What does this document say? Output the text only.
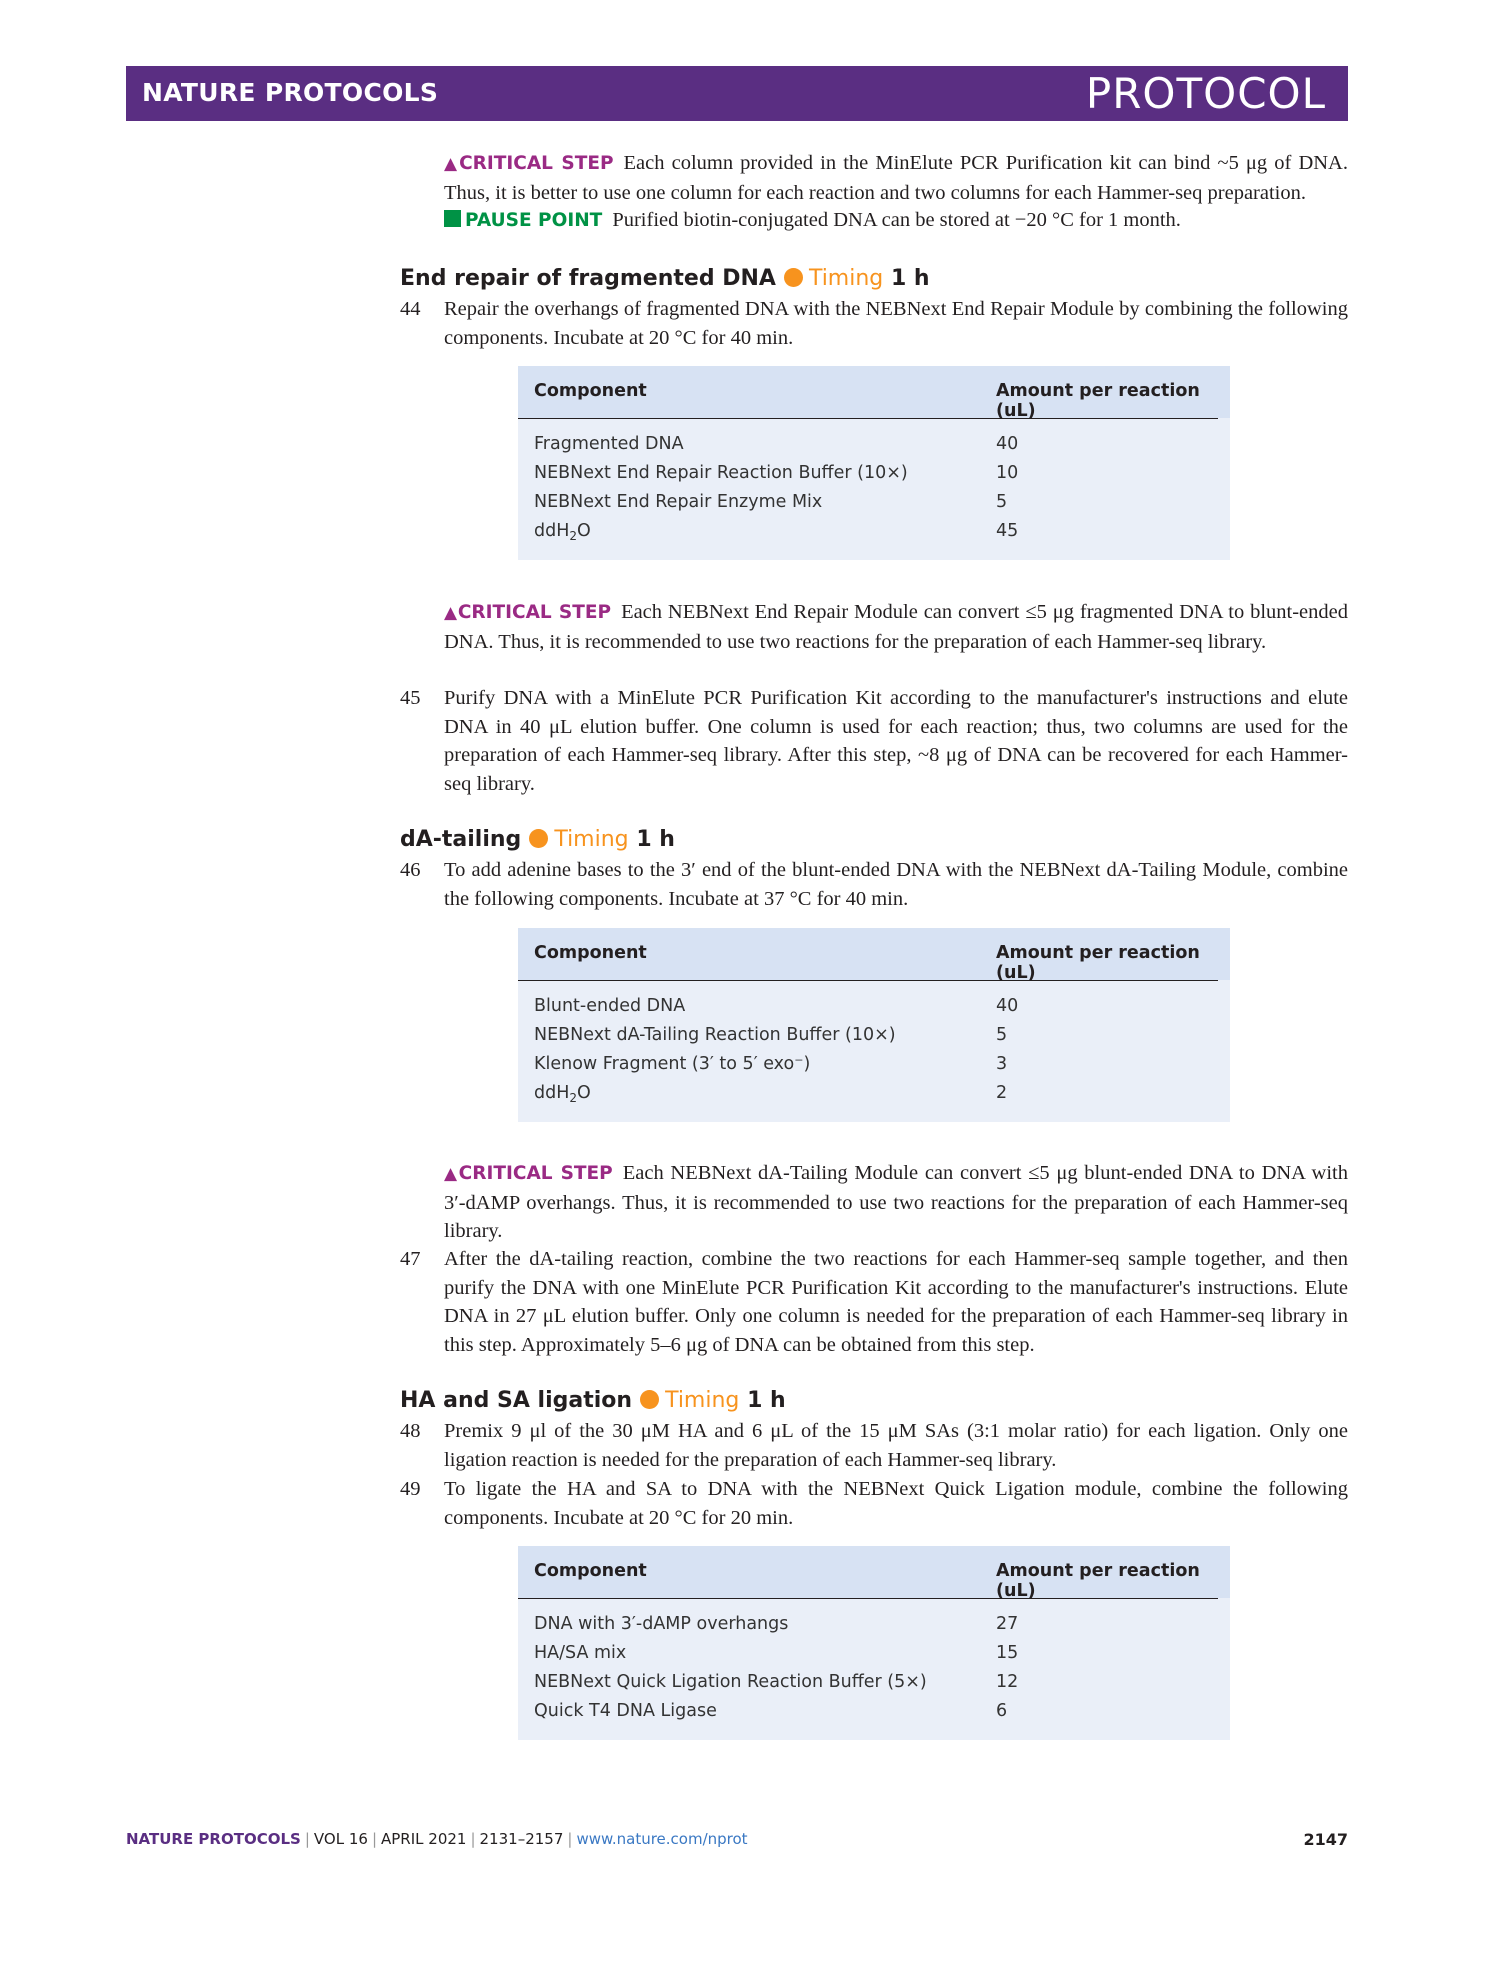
NATURE PROTOCOLS	PROTOCOL
▲CRITICAL STEP Each column provided in the MinElute PCR Purification kit can bind ~5 μg of DNA. Thus, it is better to use one column for each reaction and two columns for each Hammer-seq preparation.
PAUSE POINT Purified biotin-conjugated DNA can be stored at −20 °C for 1 month.
End repair of fragmented DNA Timing 1 h
44 Repair the overhangs of fragmented DNA with the NEBNext End Repair Module by combining the following components. Incubate at 20 °C for 40 min.
Component	Amount per reaction (uL)
Fragmented DNA	40
NEBNext End Repair Reaction Buffer (10×)	10
NEBNext End Repair Enzyme Mix	5
ddH$_2$O	45
▲CRITICAL STEP Each NEBNext End Repair Module can convert ≤5 μg fragmented DNA to blunt-ended DNA. Thus, it is recommended to use two reactions for the preparation of each Hammer-seq library.
45 Purify DNA with a MinElute PCR Purification Kit according to the manufacturer's instructions and elute DNA in 40 μL elution buffer. One column is used for each reaction; thus, two columns are used for the preparation of each Hammer-seq library. After this step, ~8 μg of DNA can be recovered for each Hammer-seq library.
dA-tailing Timing 1 h
46 To add adenine bases to the 3′ end of the blunt-ended DNA with the NEBNext dA-Tailing Module, combine the following components. Incubate at 37 °C for 40 min.
Component	Amount per reaction (uL)
Blunt-ended DNA	40
NEBNext dA-Tailing Reaction Buffer (10×)	5
Klenow Fragment (3′ to 5′ exo⁻)	3
ddH$_2$O	2
▲CRITICAL STEP Each NEBNext dA-Tailing Module can convert ≤5 μg blunt-ended DNA to DNA with 3′-dAMP overhangs. Thus, it is recommended to use two reactions for the preparation of each Hammer-seq library.
47 After the dA-tailing reaction, combine the two reactions for each Hammer-seq sample together, and then purify the DNA with one MinElute PCR Purification Kit according to the manufacturer's instructions. Elute DNA in 27 μL elution buffer. Only one column is needed for the preparation of each Hammer-seq library in this step. Approximately 5–6 μg of DNA can be obtained from this step.
HA and SA ligation Timing 1 h
48 Premix 9 μl of the 30 μM HA and 6 μL of the 15 μM SAs (3:1 molar ratio) for each ligation. Only one ligation reaction is needed for the preparation of each Hammer-seq library.
49 To ligate the HA and SA to DNA with the NEBNext Quick Ligation module, combine the following components. Incubate at 20 °C for 20 min.
Component	Amount per reaction (uL)
DNA with 3′-dAMP overhangs	27
HA/SA mix	15
NEBNext Quick Ligation Reaction Buffer (5×)	12
Quick T4 DNA Ligase	6
NATURE PROTOCOLS | VOL 16 | APRIL 2021 | 2131–2157 | www.nature.com/nprot	2147
